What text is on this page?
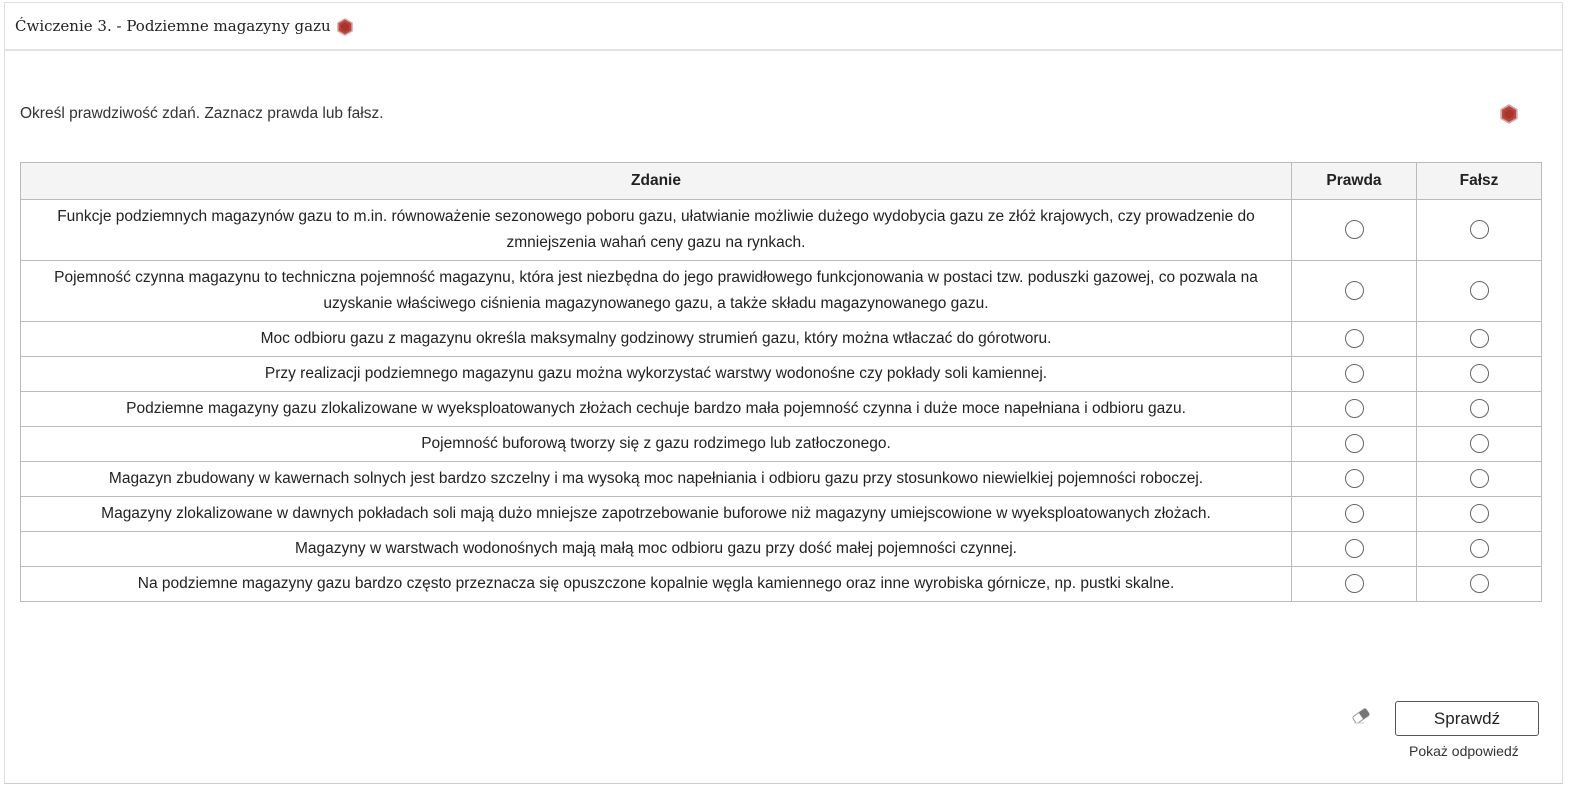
Ćwiczenie 3. - Podziemne magazyny gazu
Określ prawdziwość zdań. Zaznacz prawda lub fałsz.
Zdanie	Prawda	Fałsz
Funkcje podziemnych magazynów gazu to m.in. równoważenie sezonowego poboru gazu, ułatwianie możliwie dużego wydobycia gazu ze złóż krajowych, czy prowadzenie do zmniejszenia wahań ceny gazu na rynkach.		
Pojemność czynna magazynu to techniczna pojemność magazynu, która jest niezbędna do jego prawidłowego funkcjonowania w postaci tzw. poduszki gazowej, co pozwala na uzyskanie właściwego ciśnienia magazynowanego gazu, a także składu magazynowanego gazu.		
Moc odbioru gazu z magazynu określa maksymalny godzinowy strumień gazu, który można wtłaczać do górotworu.		
Przy realizacji podziemnego magazynu gazu można wykorzystać warstwy wodonośne czy pokłady soli kamiennej.		
Podziemne magazyny gazu zlokalizowane w wyeksploatowanych złożach cechuje bardzo mała pojemność czynna i duże moce napełniana i odbioru gazu.		
Pojemność buforową tworzy się z gazu rodzimego lub zatłoczonego.		
Magazyn zbudowany w kawernach solnych jest bardzo szczelny i ma wysoką moc napełniania i odbioru gazu przy stosunkowo niewielkiej pojemności roboczej.		
Magazyny zlokalizowane w dawnych pokładach soli mają dużo mniejsze zapotrzebowanie buforowe niż magazyny umiejscowione w wyeksploatowanych złożach.		
Magazyny w warstwach wodonośnych mają małą moc odbioru gazu przy dość małej pojemności czynnej.		
Na podziemne magazyny gazu bardzo często przeznacza się opuszczone kopalnie węgla kamiennego oraz inne wyrobiska górnicze, np. pustki skalne.		
Sprawdź
Pokaż odpowiedź
